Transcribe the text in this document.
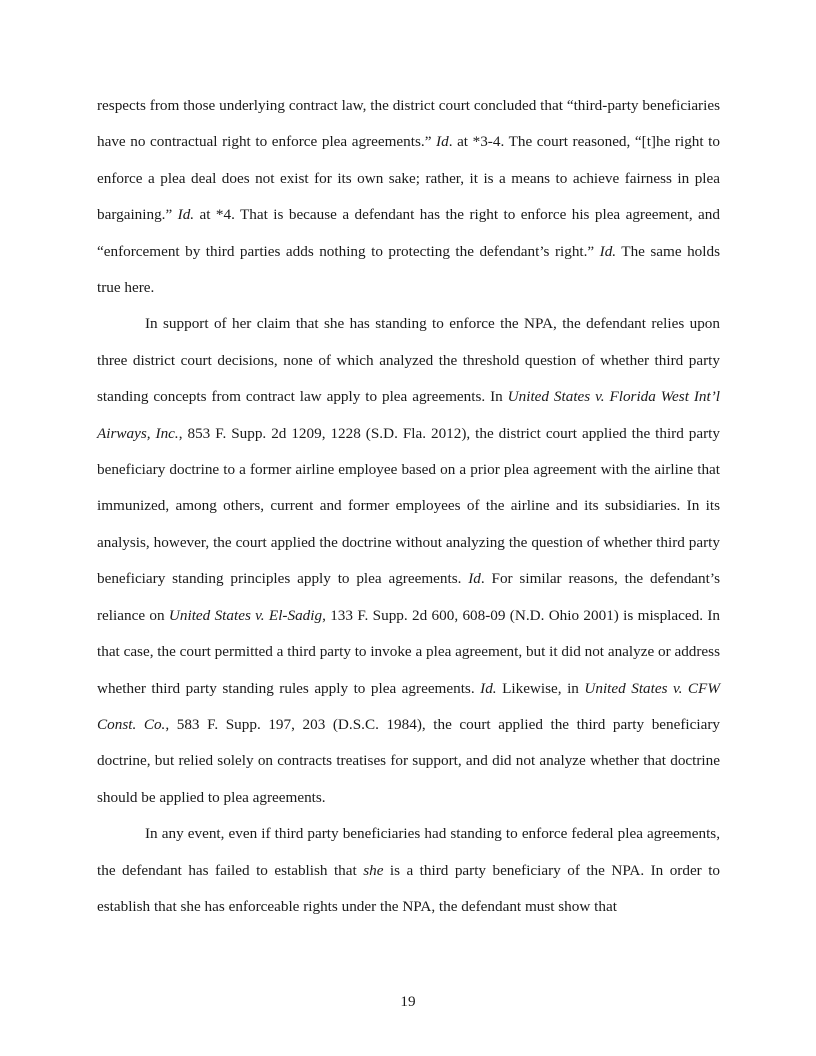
respects from those underlying contract law, the district court concluded that “third-party beneficiaries have no contractual right to enforce plea agreements.” Id. at *3-4. The court reasoned, “[t]he right to enforce a plea deal does not exist for its own sake; rather, it is a means to achieve fairness in plea bargaining.” Id. at *4. That is because a defendant has the right to enforce his plea agreement, and “enforcement by third parties adds nothing to protecting the defendant’s right.” Id. The same holds true here.

In support of her claim that she has standing to enforce the NPA, the defendant relies upon three district court decisions, none of which analyzed the threshold question of whether third party standing concepts from contract law apply to plea agreements. In United States v. Florida West Int’l Airways, Inc., 853 F. Supp. 2d 1209, 1228 (S.D. Fla. 2012), the district court applied the third party beneficiary doctrine to a former airline employee based on a prior plea agreement with the airline that immunized, among others, current and former employees of the airline and its subsidiaries. In its analysis, however, the court applied the doctrine without analyzing the question of whether third party beneficiary standing principles apply to plea agreements. Id. For similar reasons, the defendant’s reliance on United States v. El-Sadig, 133 F. Supp. 2d 600, 608-09 (N.D. Ohio 2001) is misplaced. In that case, the court permitted a third party to invoke a plea agreement, but it did not analyze or address whether third party standing rules apply to plea agreements. Id. Likewise, in United States v. CFW Const. Co., 583 F. Supp. 197, 203 (D.S.C. 1984), the court applied the third party beneficiary doctrine, but relied solely on contracts treatises for support, and did not analyze whether that doctrine should be applied to plea agreements.

In any event, even if third party beneficiaries had standing to enforce federal plea agreements, the defendant has failed to establish that she is a third party beneficiary of the NPA. In order to establish that she has enforceable rights under the NPA, the defendant must show that

19
